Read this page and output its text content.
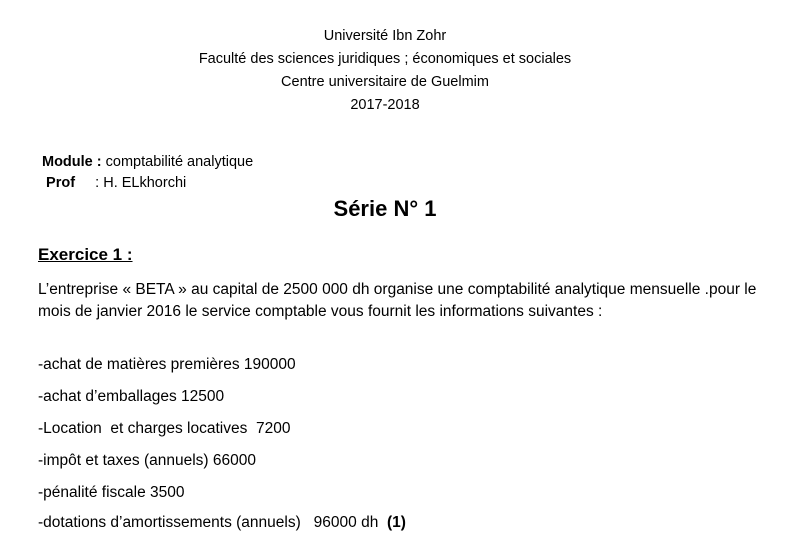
Université Ibn Zohr
Faculté des sciences juridiques ; économiques et sociales
Centre universitaire de Guelmim
2017-2018
Module : comptabilité analytique
Prof     : H. ELkhorchi
Série N° 1
Exercice 1 :
L’entreprise « BETA » au capital de 2500 000 dh organise une comptabilité analytique mensuelle .pour le mois de janvier 2016 le service comptable vous fournit les informations suivantes :
-achat de matières premières 190000
-achat d’emballages 12500
-Location  et charges locatives  7200
-impôt et taxes (annuels) 66000
-pénalité fiscale 3500
-dotations d’amortissements (annuels)   96000 dh  (1)
